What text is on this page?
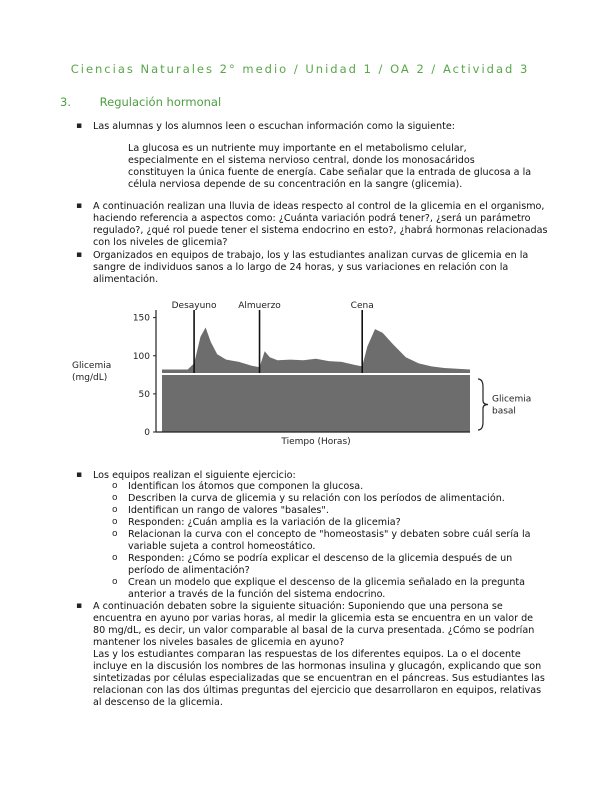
Ciencias Naturales 2° medio / Unidad 1 / OA 2 / Actividad 3
3. Regulación hormonal
▪ Las alumnas y los alumnos leen o escuchan información como la siguiente:
La glucosa es un nutriente muy importante en el metabolismo celular, especialmente en el sistema nervioso central, donde los monosacáridos constituyen la única fuente de energía. Cabe señalar que la entrada de glucosa a la célula nerviosa depende de su concentración en la sangre (glicemia).
▪ A continuación realizan una lluvia de ideas respecto al control de la glicemia en el organismo, haciendo referencia a aspectos como: ¿Cuánta variación podrá tener?, ¿será un parámetro regulado?, ¿qué rol puede tener el sistema endocrino en esto?, ¿habrá hormonas relacionadas con los niveles de glicemia?
▪ Organizados en equipos de trabajo, los y las estudiantes analizan curvas de glicemia en la sangre de individuos sanos a lo largo de 24 horas, y sus variaciones en relación con la alimentación.
150
100
50
0
Glicemia
(mg/dL)
Tiempo (Horas)
Desayuno Almuerzo	Cena
Glicemia
basal
▪ Los equipos realizan el siguiente ejercicio:
o Identifican los átomos que componen la glucosa.
o Describen la curva de glicemia y su relación con los períodos de alimentación.
o Identifican un rango de valores "basales".
o Responden: ¿Cuán amplia es la variación de la glicemia?
o Relacionan la curva con el concepto de "homeostasis" y debaten sobre cuál sería la variable sujeta a control homeostático.
o Responden: ¿Cómo se podría explicar el descenso de la glicemia después de un período de alimentación?
o Crean un modelo que explique el descenso de la glicemia señalado en la pregunta anterior a través de la función del sistema endocrino.
▪ A continuación debaten sobre la siguiente situación: Suponiendo que una persona se encuentra en ayuno por varias horas, al medir la glicemia esta se encuentra en un valor de 80 mg/dL, es decir, un valor comparable al basal de la curva presentada. ¿Cómo se podrían mantener los niveles basales de glicemia en ayuno?
Las y los estudiantes comparan las respuestas de los diferentes equipos. La o el docente incluye en la discusión los nombres de las hormonas insulina y glucagón, explicando que son sintetizadas por células especializadas que se encuentran en el páncreas. Sus estudiantes las relacionan con las dos últimas preguntas del ejercicio que desarrollaron en equipos, relativas al descenso de la glicemia.
